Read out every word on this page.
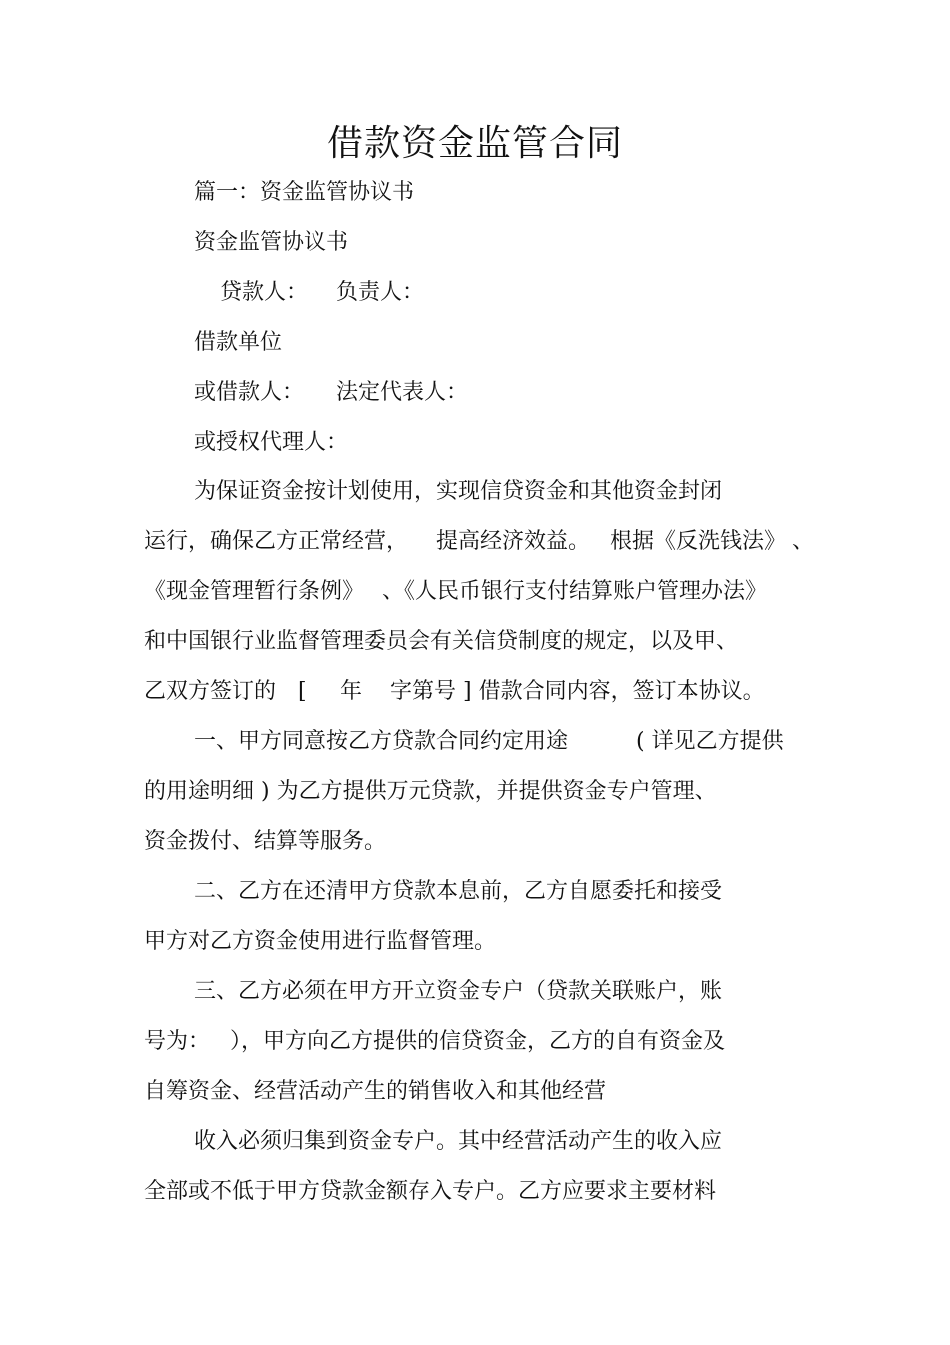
借款资金监管合同
篇一：资金监管协议书
资金监管协议书
贷款人： 负责人：
借款单位
或借款人： 法定代表人：
或授权代理人：
为保证资金按计划使用，实现信贷资金和其他资金封闭
运行，确保乙方正常经营， 提高经济效益。 根据《反洗钱法》 、
《现金管理暂行条例》 、《人民币银行支付结算账户管理办法》
和中国银行业监督管理委员会有关信贷制度的规定，以及甲、
乙双方签订的 [ 年 字第号 ] 借款合同内容，签订本协议。
一、甲方同意按乙方贷款合同约定用途	( 详见乙方提供
的用途明细 ) 为乙方提供万元贷款，并提供资金专户管理、
资金拨付、结算等服务。
二、乙方在还清甲方贷款本息前，乙方自愿委托和接受
甲方对乙方资金使用进行监督管理。
三、乙方必须在甲方开立资金专户（贷款关联账户，账
号为： ），甲方向乙方提供的信贷资金，乙方的自有资金及
自筹资金、经营活动产生的销售收入和其他经营
收入必须归集到资金专户。其中经营活动产生的收入应
全部或不低于甲方贷款金额存入专户。乙方应要求主要材料
